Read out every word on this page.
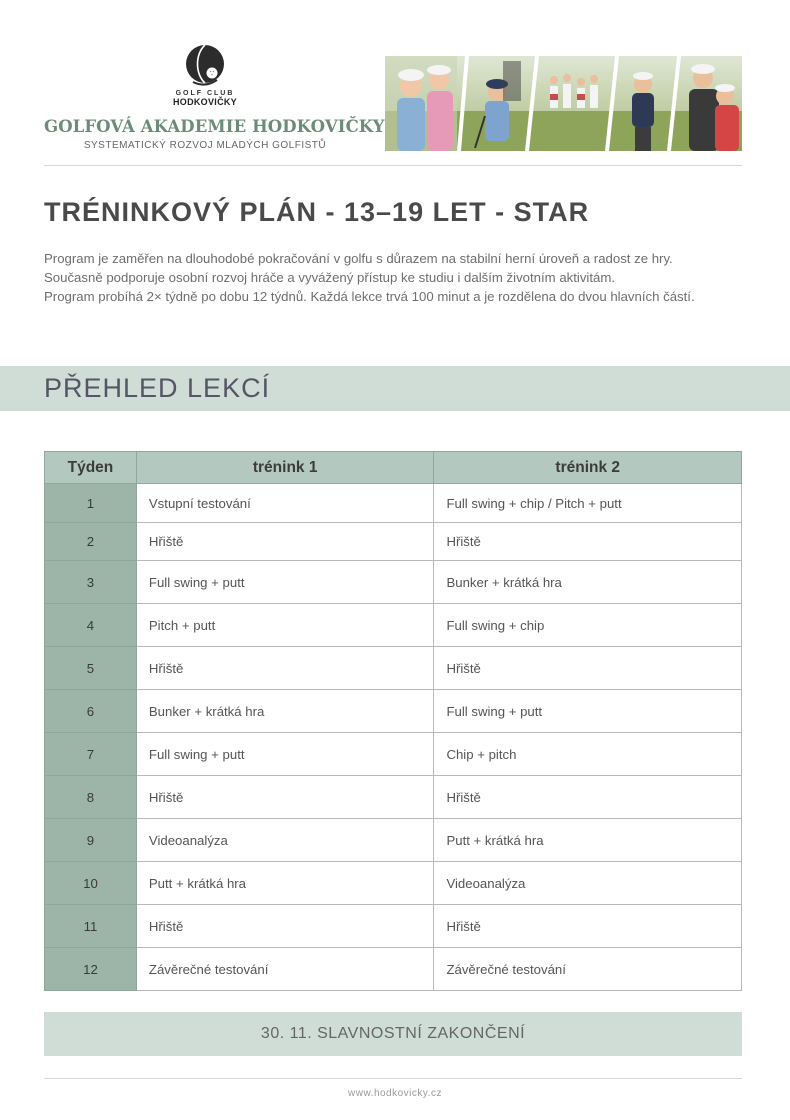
GOLF CLUB
HODKOVIČKY
GOLFOVÁ AKADEMIE HODKOVIČKY
SYSTEMATICKÝ ROZVOJ MLADÝCH GOLFISTŮ
TRÉNINKOVÝ PLÁN - 13–19 LET - STAR

Program je zaměřen na dlouhodobé pokračování v golfu s důrazem na stabilní herní úroveň a radost ze hry. Současně podporuje osobní rozvoj hráče a vyvážený přístup ke studiu i dalším životním aktivitám.

Program probíhá 2× týdně po dobu 12 týdnů. Každá lekce trvá 100 minut a je rozdělena do dvou hlavních částí.

PŘEHLED LEKCÍ
Týden	trénink 1	trénink 2
1	Vstupní testování	Full swing + chip / Pitch + putt
2	Hřiště	Hřiště
3	Full swing + putt	Bunker + krátká hra
4	Pitch + putt	Full swing + chip
5	Hřiště	Hřiště
6	Bunker + krátká hra	Full swing + putt
7	Full swing + putt	Chip + pitch
8	Hřiště	Hřiště
9	Videoanalýza	Putt + krátká hra
10	Putt + krátká hra	Videoanalýza
11	Hřiště	Hřiště
12	Závěrečné testování	Závěrečné testování
30. 11. SLAVNOSTNÍ ZAKONČENÍ
www.hodkovicky.cz
